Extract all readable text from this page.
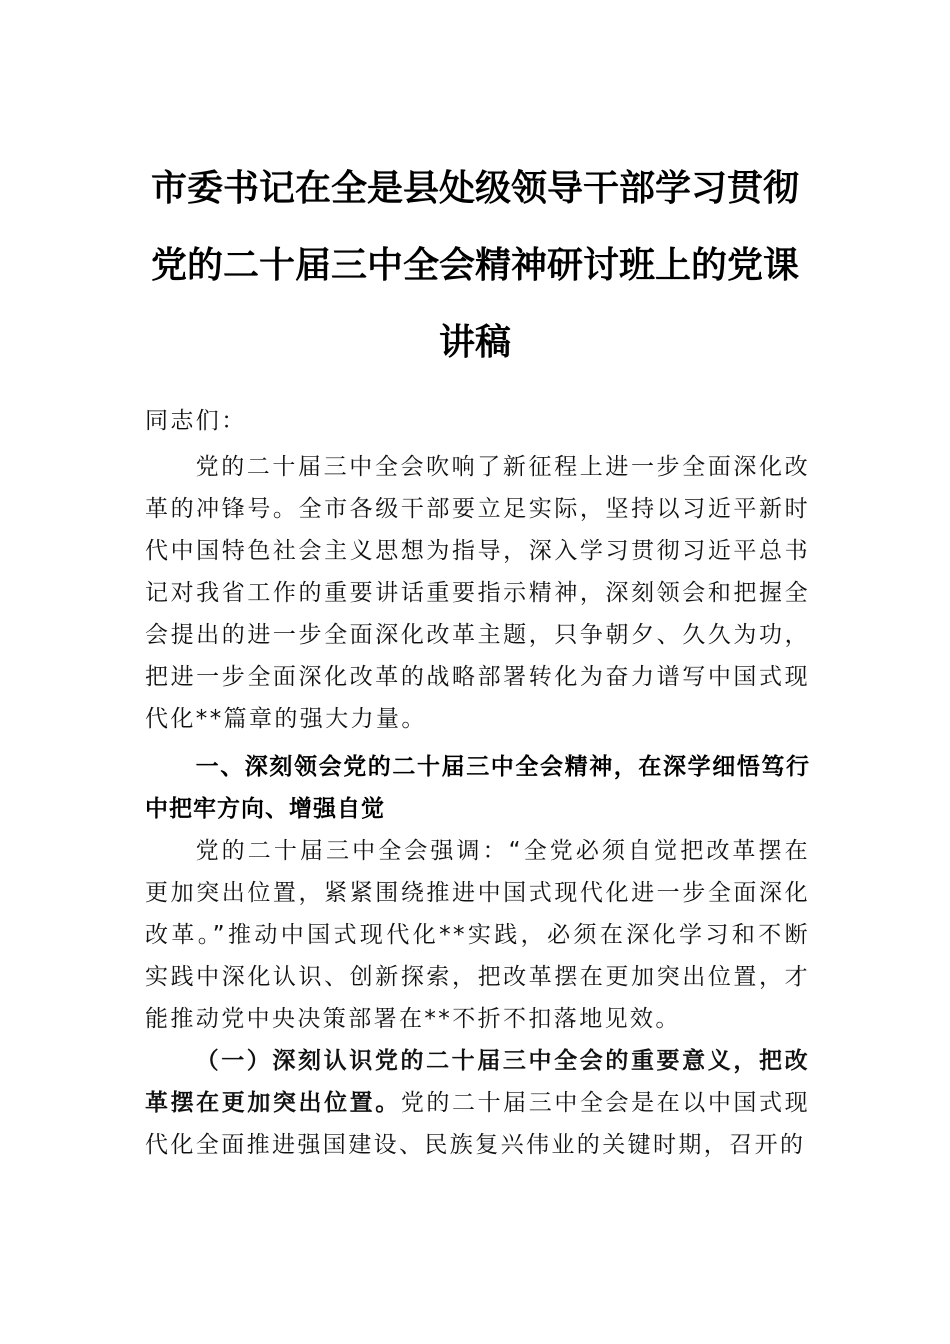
市委书记在全是县处级领导干部学习贯彻
党的二十届三中全会精神研讨班上的党课
讲稿

同志们：

党的二十届三中全会吹响了新征程上进一步全面深化改革的冲锋号。全市各级干部要立足实际，坚持以习近平新时代中国特色社会主义思想为指导，深入学习贯彻习近平总书记对我省工作的重要讲话重要指示精神，深刻领会和把握全会提出的进一步全面深化改革主题，只争朝夕、久久为功，把进一步全面深化改革的战略部署转化为奋力谱写中国式现代化**篇章的强大力量。

一、深刻领会党的二十届三中全会精神，在深学细悟笃行中把牢方向、增强自觉

党的二十届三中全会强调：“全党必须自觉把改革摆在更加突出位置，紧紧围绕推进中国式现代化进一步全面深化改革。”推动中国式现代化**实践，必须在深化学习和不断实践中深化认识、创新探索，把改革摆在更加突出位置，才能推动党中央决策部署在**不折不扣落地见效。

（一）深刻认识党的二十届三中全会的重要意义，把改革摆在更加突出位置。党的二十届三中全会是在以中国式现代化全面推进强国建设、民族复兴伟业的关键时期，召开的
